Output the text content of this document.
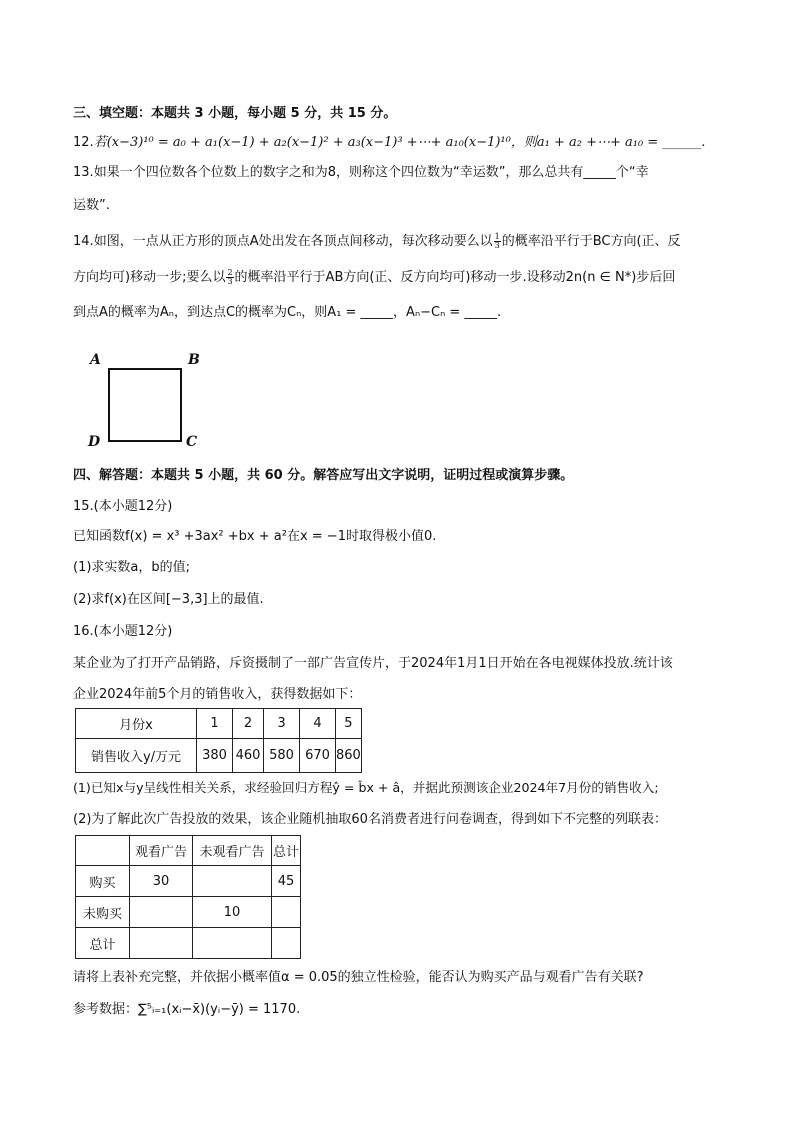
三、填空题：本题共 3 小题，每小题 5 分，共 15 分。
12.若(x−3)¹⁰ = a₀ + a₁(x−1) + a₂(x−1)² + a₃(x−1)³ +⋯+ a₁₀(x−1)¹⁰，则a₁ + a₂ +⋯+ a₁₀ = ______.
13.如果一个四位数各个位数上的数字之和为8，则称这个四位数为“幸运数”，那么总共有_____个“幸
运数”.
14.如图，一点从正方形的顶点A处出发在各顶点间移动，每次移动要么以 $\frac{1}{3}$ 的概率沿平行于BC方向(正、反
方向均可)移动一步;要么以 $\frac{2}{3}$ 的概率沿平行于AB方向(正、反方向均可)移动一步.设移动2n(n ∈ N*)步后回
到点A的概率为Aₙ，到达点C的概率为Cₙ，则A₁ = _____，Aₙ−Cₙ = _____.
A	B
C
D
四、解答题：本题共 5 小题，共 60 分。解答应写出文字说明，证明过程或演算步骤。
15.(本小题12分)
已知函数f(x) = x³ +3ax² +bx + a²在x = −1时取得极小值0.
(1)求实数a，b的值;
(2)求f(x)在区间[−3,3]上的最值.
16.(本小题12分)
某企业为了打开产品销路，斥资摄制了一部广告宣传片，于2024年1月1日开始在各电视媒体投放.统计该
企业2024年前5个月的销售收入，获得数据如下：
月份x	1	2	3	4	5
销售收入y/万元	380	460	580	670	860
(1)已知x与y呈线性相关关系，求经验回归方程ŷ = b̂x + â，并据此预测该企业2024年7月份的销售收入;
(2)为了解此次广告投放的效果，该企业随机抽取60名消费者进行问卷调查，得到如下不完整的列联表：
	观看广告	未观看广告	总计
购买	30		45
未购买		10	
总计			
请将上表补充完整，并依据小概率值α = 0.05的独立性检验，能否认为购买产品与观看广告有关联?
参考数据：∑⁵ᵢ₌₁(xᵢ−x̄)(yᵢ−ȳ) = 1170.
